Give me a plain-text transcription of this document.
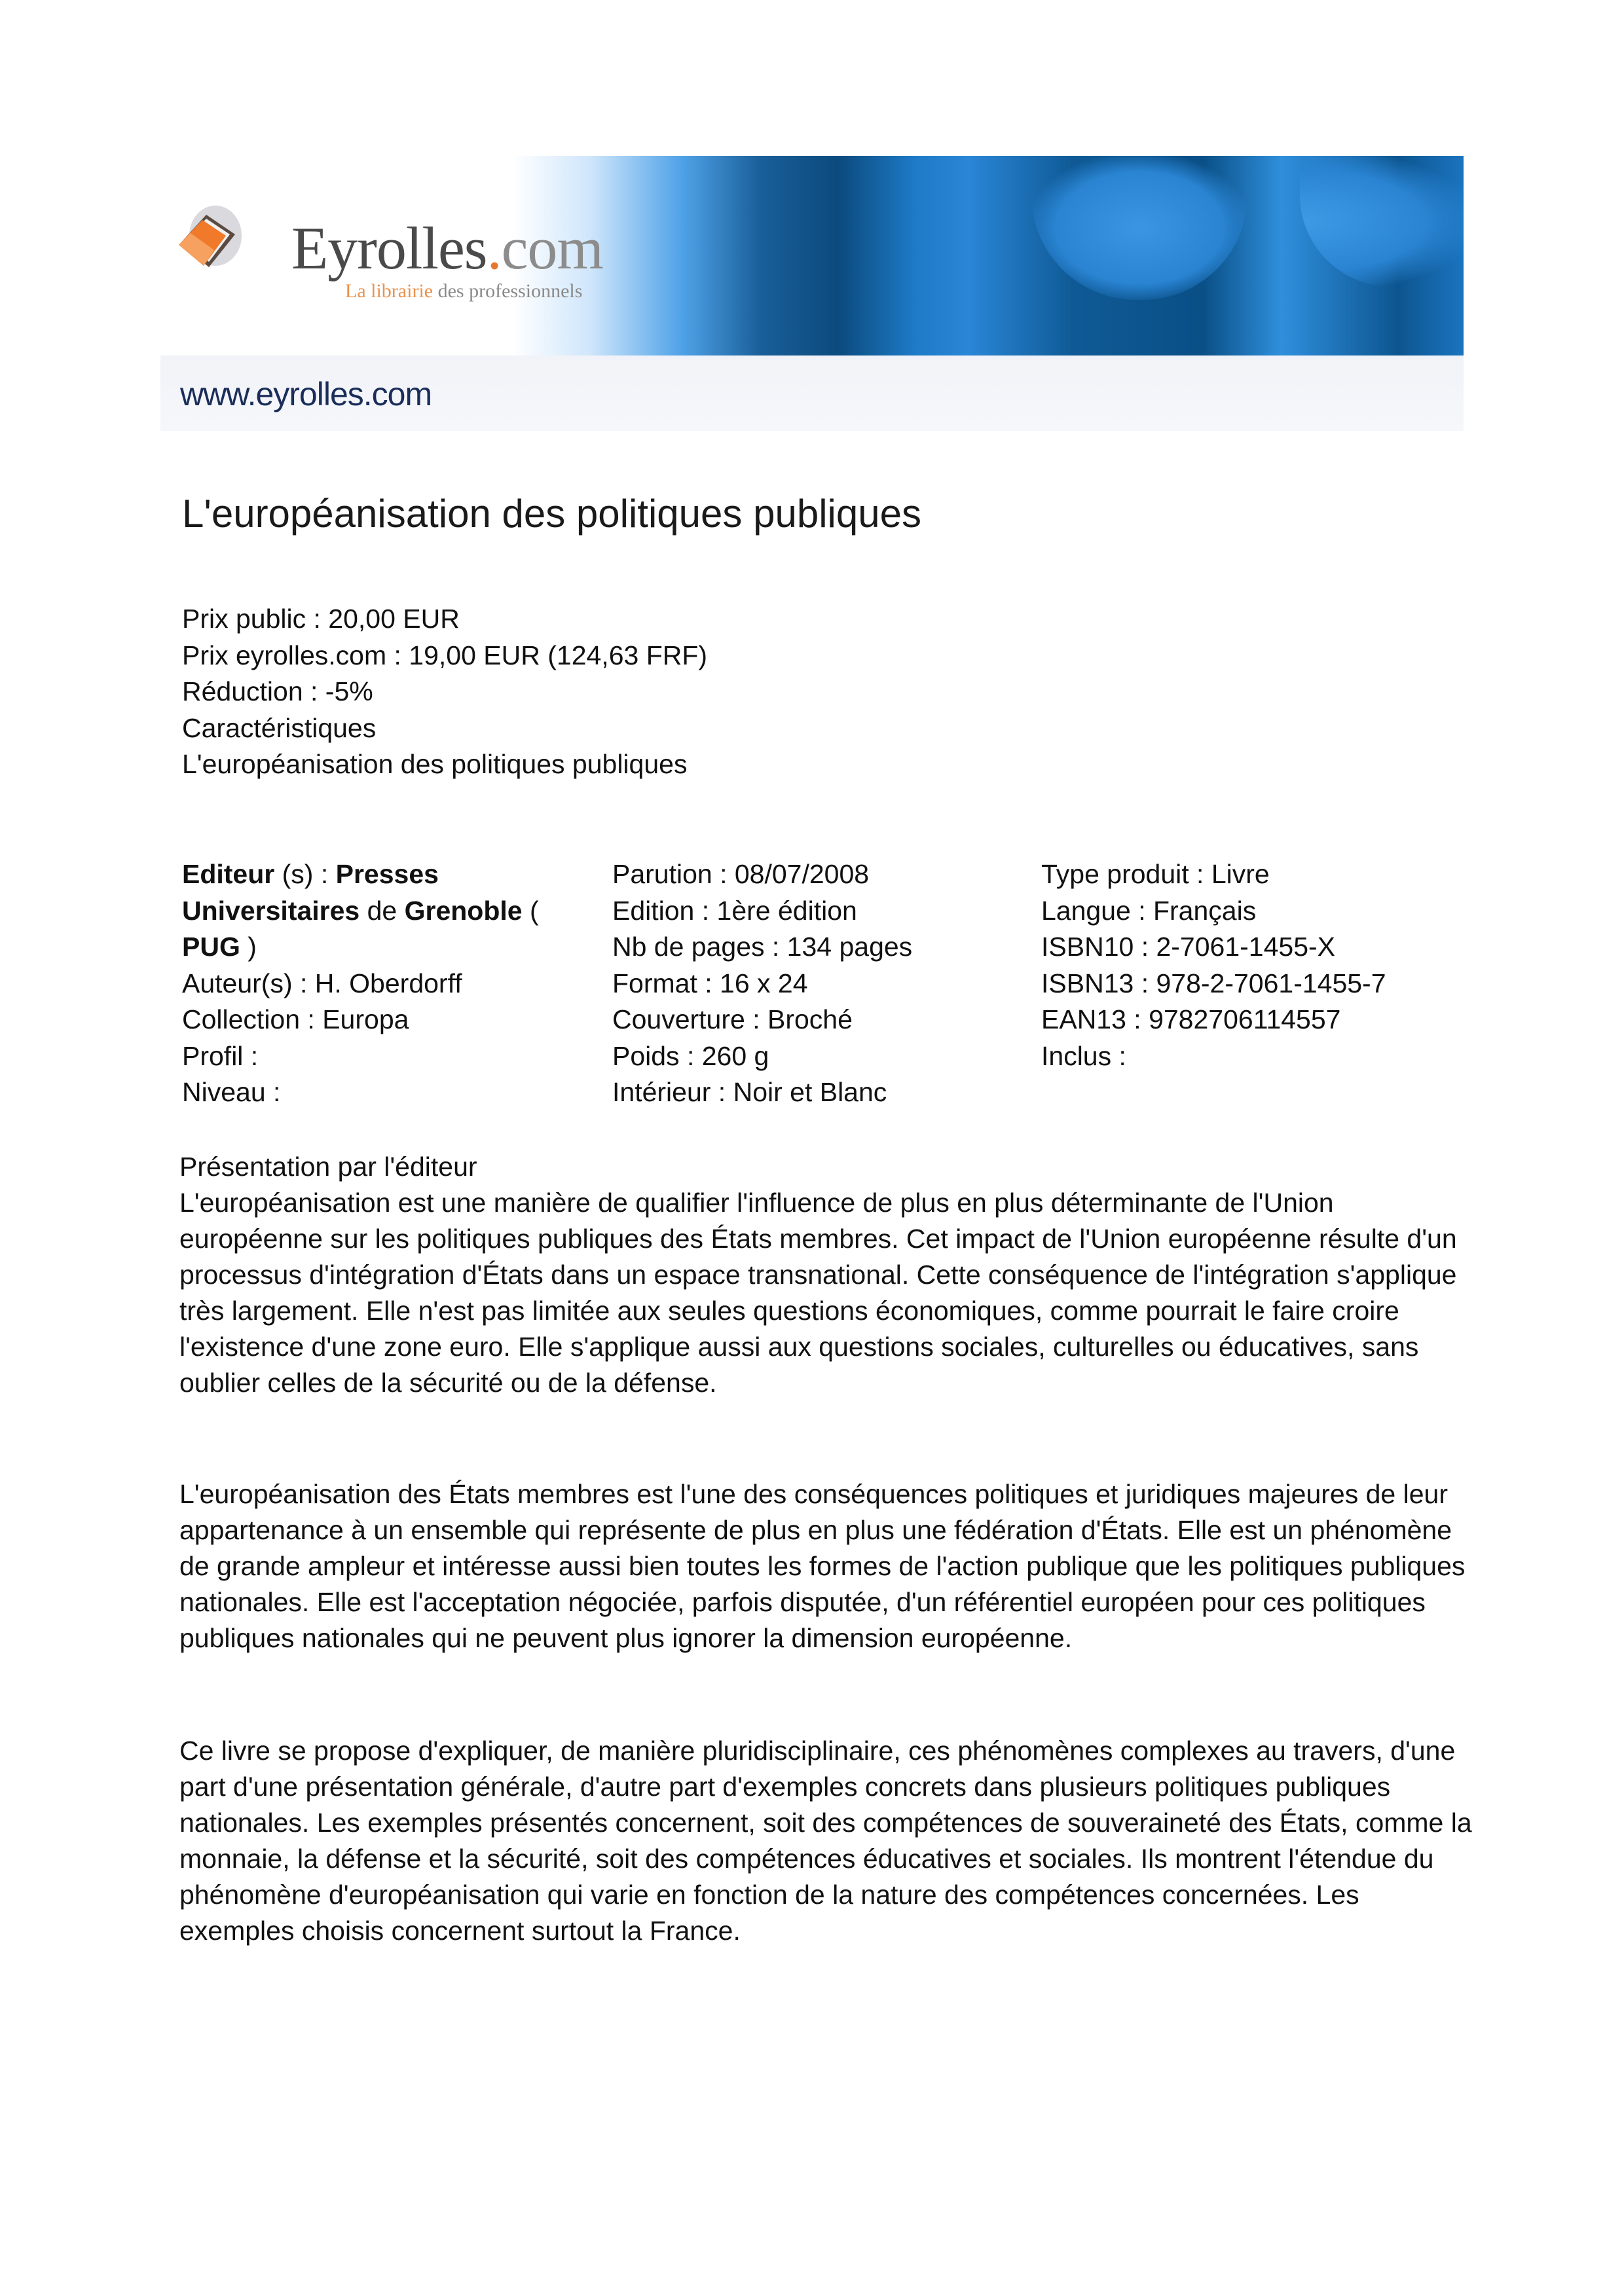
Eyrolles.com
La librairie des professionnels
www.eyrolles.com
L'européanisation des politiques publiques
Prix public : 20,00 EUR
Prix eyrolles.com : 19,00 EUR (124,63 FRF)
Réduction : -5%
Caractéristiques
L'européanisation des politiques publiques
Editeur (s) : Presses
Universitaires de Grenoble (
PUG )
Auteur(s) : H. Oberdorff
Collection : Europa
Profil :
Niveau :
Parution : 08/07/2008
Edition : 1ère édition
Nb de pages : 134 pages
Format : 16 x 24
Couverture : Broché
Poids : 260 g
Intérieur : Noir et Blanc
Type produit : Livre
Langue : Français
ISBN10 : 2-7061-1455-X
ISBN13 : 978-2-7061-1455-7
EAN13 : 9782706114557
Inclus :

Présentation par l'éditeur

L'européanisation est une manière de qualifier l'influence de plus en plus déterminante de l'Union européenne sur les politiques publiques des États membres. Cet impact de l'Union européenne résulte d'un processus d'intégration d'États dans un espace transnational. Cette conséquence de l'intégration s'applique très largement. Elle n'est pas limitée aux seules questions économiques, comme pourrait le faire croire l'existence d'une zone euro. Elle s'applique aussi aux questions sociales, culturelles ou éducatives, sans oublier celles de la sécurité ou de la défense.

L'européanisation des États membres est l'une des conséquences politiques et juridiques majeures de leur appartenance à un ensemble qui représente de plus en plus une fédération d'États. Elle est un phénomène de grande ampleur et intéresse aussi bien toutes les formes de l'action publique que les politiques publiques nationales. Elle est l'acceptation négociée, parfois disputée, d'un référentiel européen pour ces politiques publiques nationales qui ne peuvent plus ignorer la dimension européenne.

Ce livre se propose d'expliquer, de manière pluridisciplinaire, ces phénomènes complexes au travers, d'une part d'une présentation générale, d'autre part d'exemples concrets dans plusieurs politiques publiques nationales. Les exemples présentés concernent, soit des compétences de souveraineté des États, comme la monnaie, la défense et la sécurité, soit des compétences éducatives et sociales. Ils montrent l'étendue du phénomène d'européanisation qui varie en fonction de la nature des compétences concernées. Les exemples choisis concernent surtout la France.
